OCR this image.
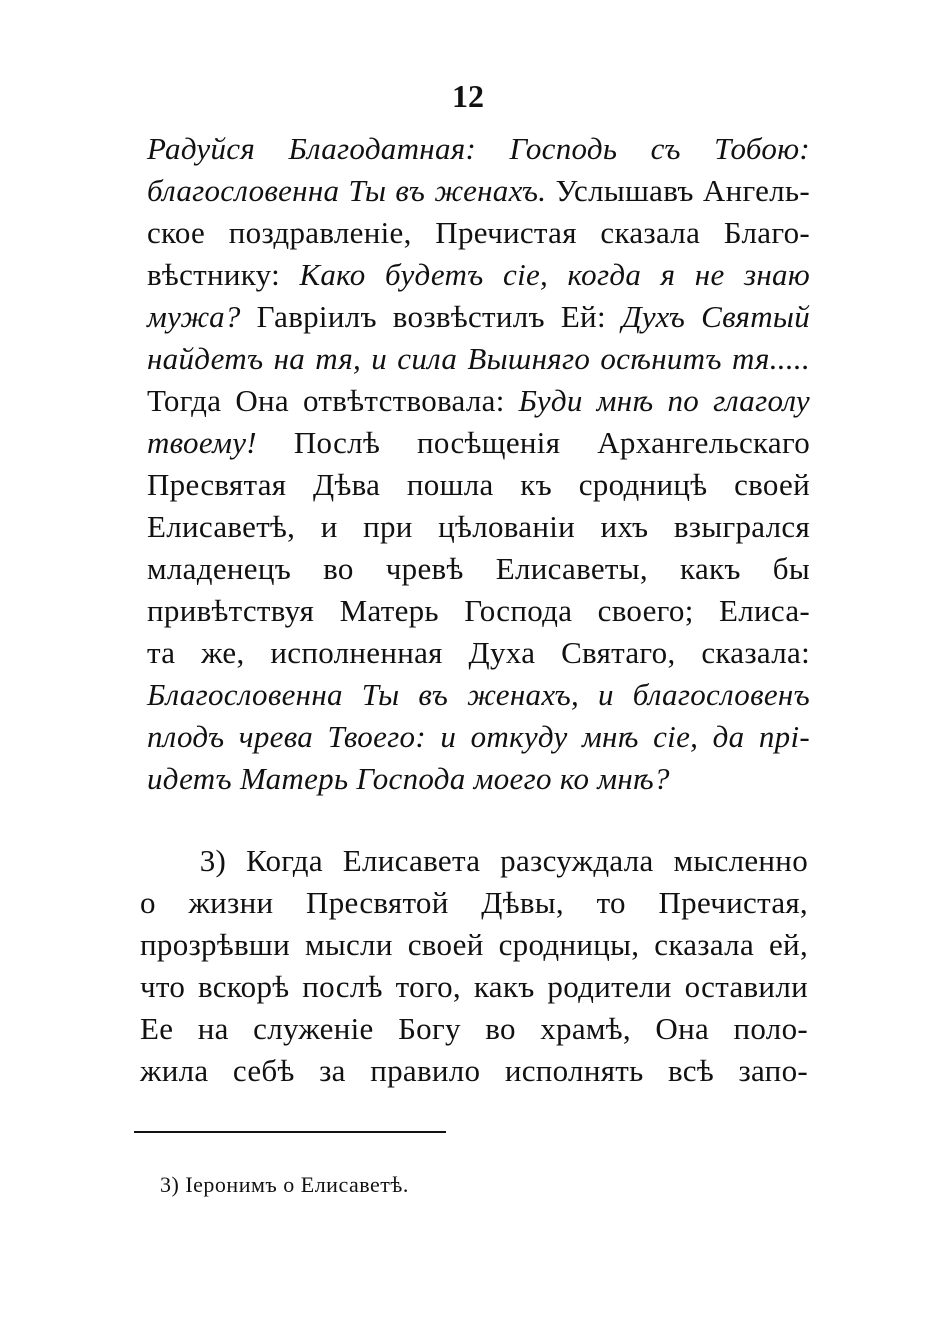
12
Радуйся Благодатная: Господь съ Тобою:
благословенна Ты въ женахъ. Услышавъ Ангель-
ское поздравленіе, Пречистая сказала Благо-
вѣстнику: Како будетъ сіе, когда я не знаю
мужа? Гавріилъ возвѣстилъ Ей: Духъ Святый
найдетъ на тя, и сила Вышняго осѣнитъ тя.....
Тогда Она отвѣтствовала: Буди мнѣ по глаголу
твоему! Послѣ посѣщенія Архангельскаго
Пресвятая Дѣва пошла къ сродницѣ своей
Елисаветѣ, и при цѣлованіи ихъ взыгрался
младенецъ во чревѣ Елисаветы, какъ бы
привѣтствуя Матерь Господа своего; Елиса-
та же, исполненная Духа Святаго, сказала:
Благословенна Ты въ женахъ, и благословенъ
плодъ чрева Твоего: и откуду мнѣ сіе, да прі-
идетъ Матерь Господа моего ко мнѣ?
3) Когда Елисавета разсуждала мысленно
о жизни Пресвятой Дѣвы, то Пречистая,
прозрѣвши мысли своей сродницы, сказала ей,
что вскорѣ послѣ того, какъ родители оставили
Ее на служеніе Богу во храмѣ, Она поло-
жила себѣ за правило исполнять всѣ запо-
3) Іеронимъ о Елисаветѣ.
